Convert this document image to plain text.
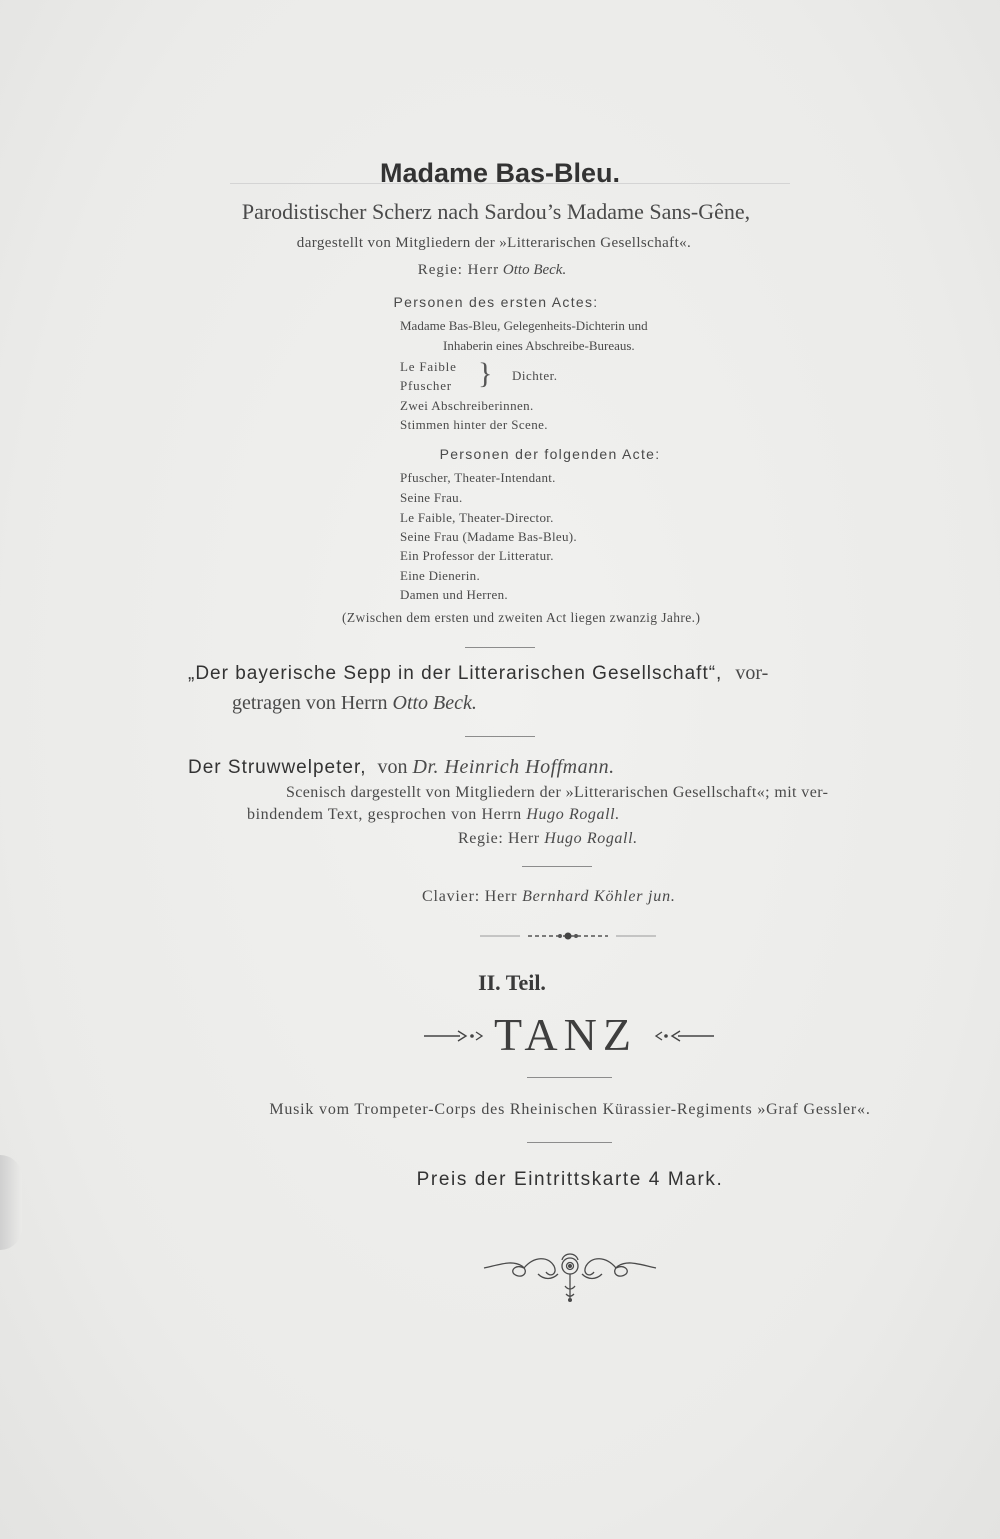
Madame Bas-Bleu.
Parodistischer Scherz nach Sardou’s Madame Sans-Gêne,
dargestellt von Mitgliedern der »Litterarischen Gesellschaft«.
Regie: Herr Otto Beck.
Personen des ersten Actes:
Madame Bas-Bleu, Gelegenheits-Dichterin und
Inhaberin eines Abschreibe-Bureaus.
Le Faible
Pfuscher } Dichter.
Zwei Abschreiberinnen.
Stimmen hinter der Scene.
Personen der folgenden Acte:
Pfuscher, Theater-Intendant.
Seine Frau.
Le Faible, Theater-Director.
Seine Frau (Madame Bas-Bleu).
Ein Professor der Litteratur.
Eine Dienerin.
Damen und Herren.
(Zwischen dem ersten und zweiten Act liegen zwanzig Jahre.)
„Der bayerische Sepp in der Litterarischen Gesellschaft“, vor-
getragen von Herrn Otto Beck.
Der Struwwelpeter, von Dr. Heinrich Hoffmann.
Scenisch dargestellt von Mitgliedern der »Litterarischen Gesellschaft«; mit ver-
bindendem Text, gesprochen von Herrn Hugo Rogall.
Regie: Herr Hugo Rogall.
Clavier: Herr Bernhard Köhler jun.
II. Teil.
TANZ
Musik vom Trompeter-Corps des Rheinischen Kürassier-Regiments »Graf Gessler«.
Preis der Eintrittskarte 4 Mark.
